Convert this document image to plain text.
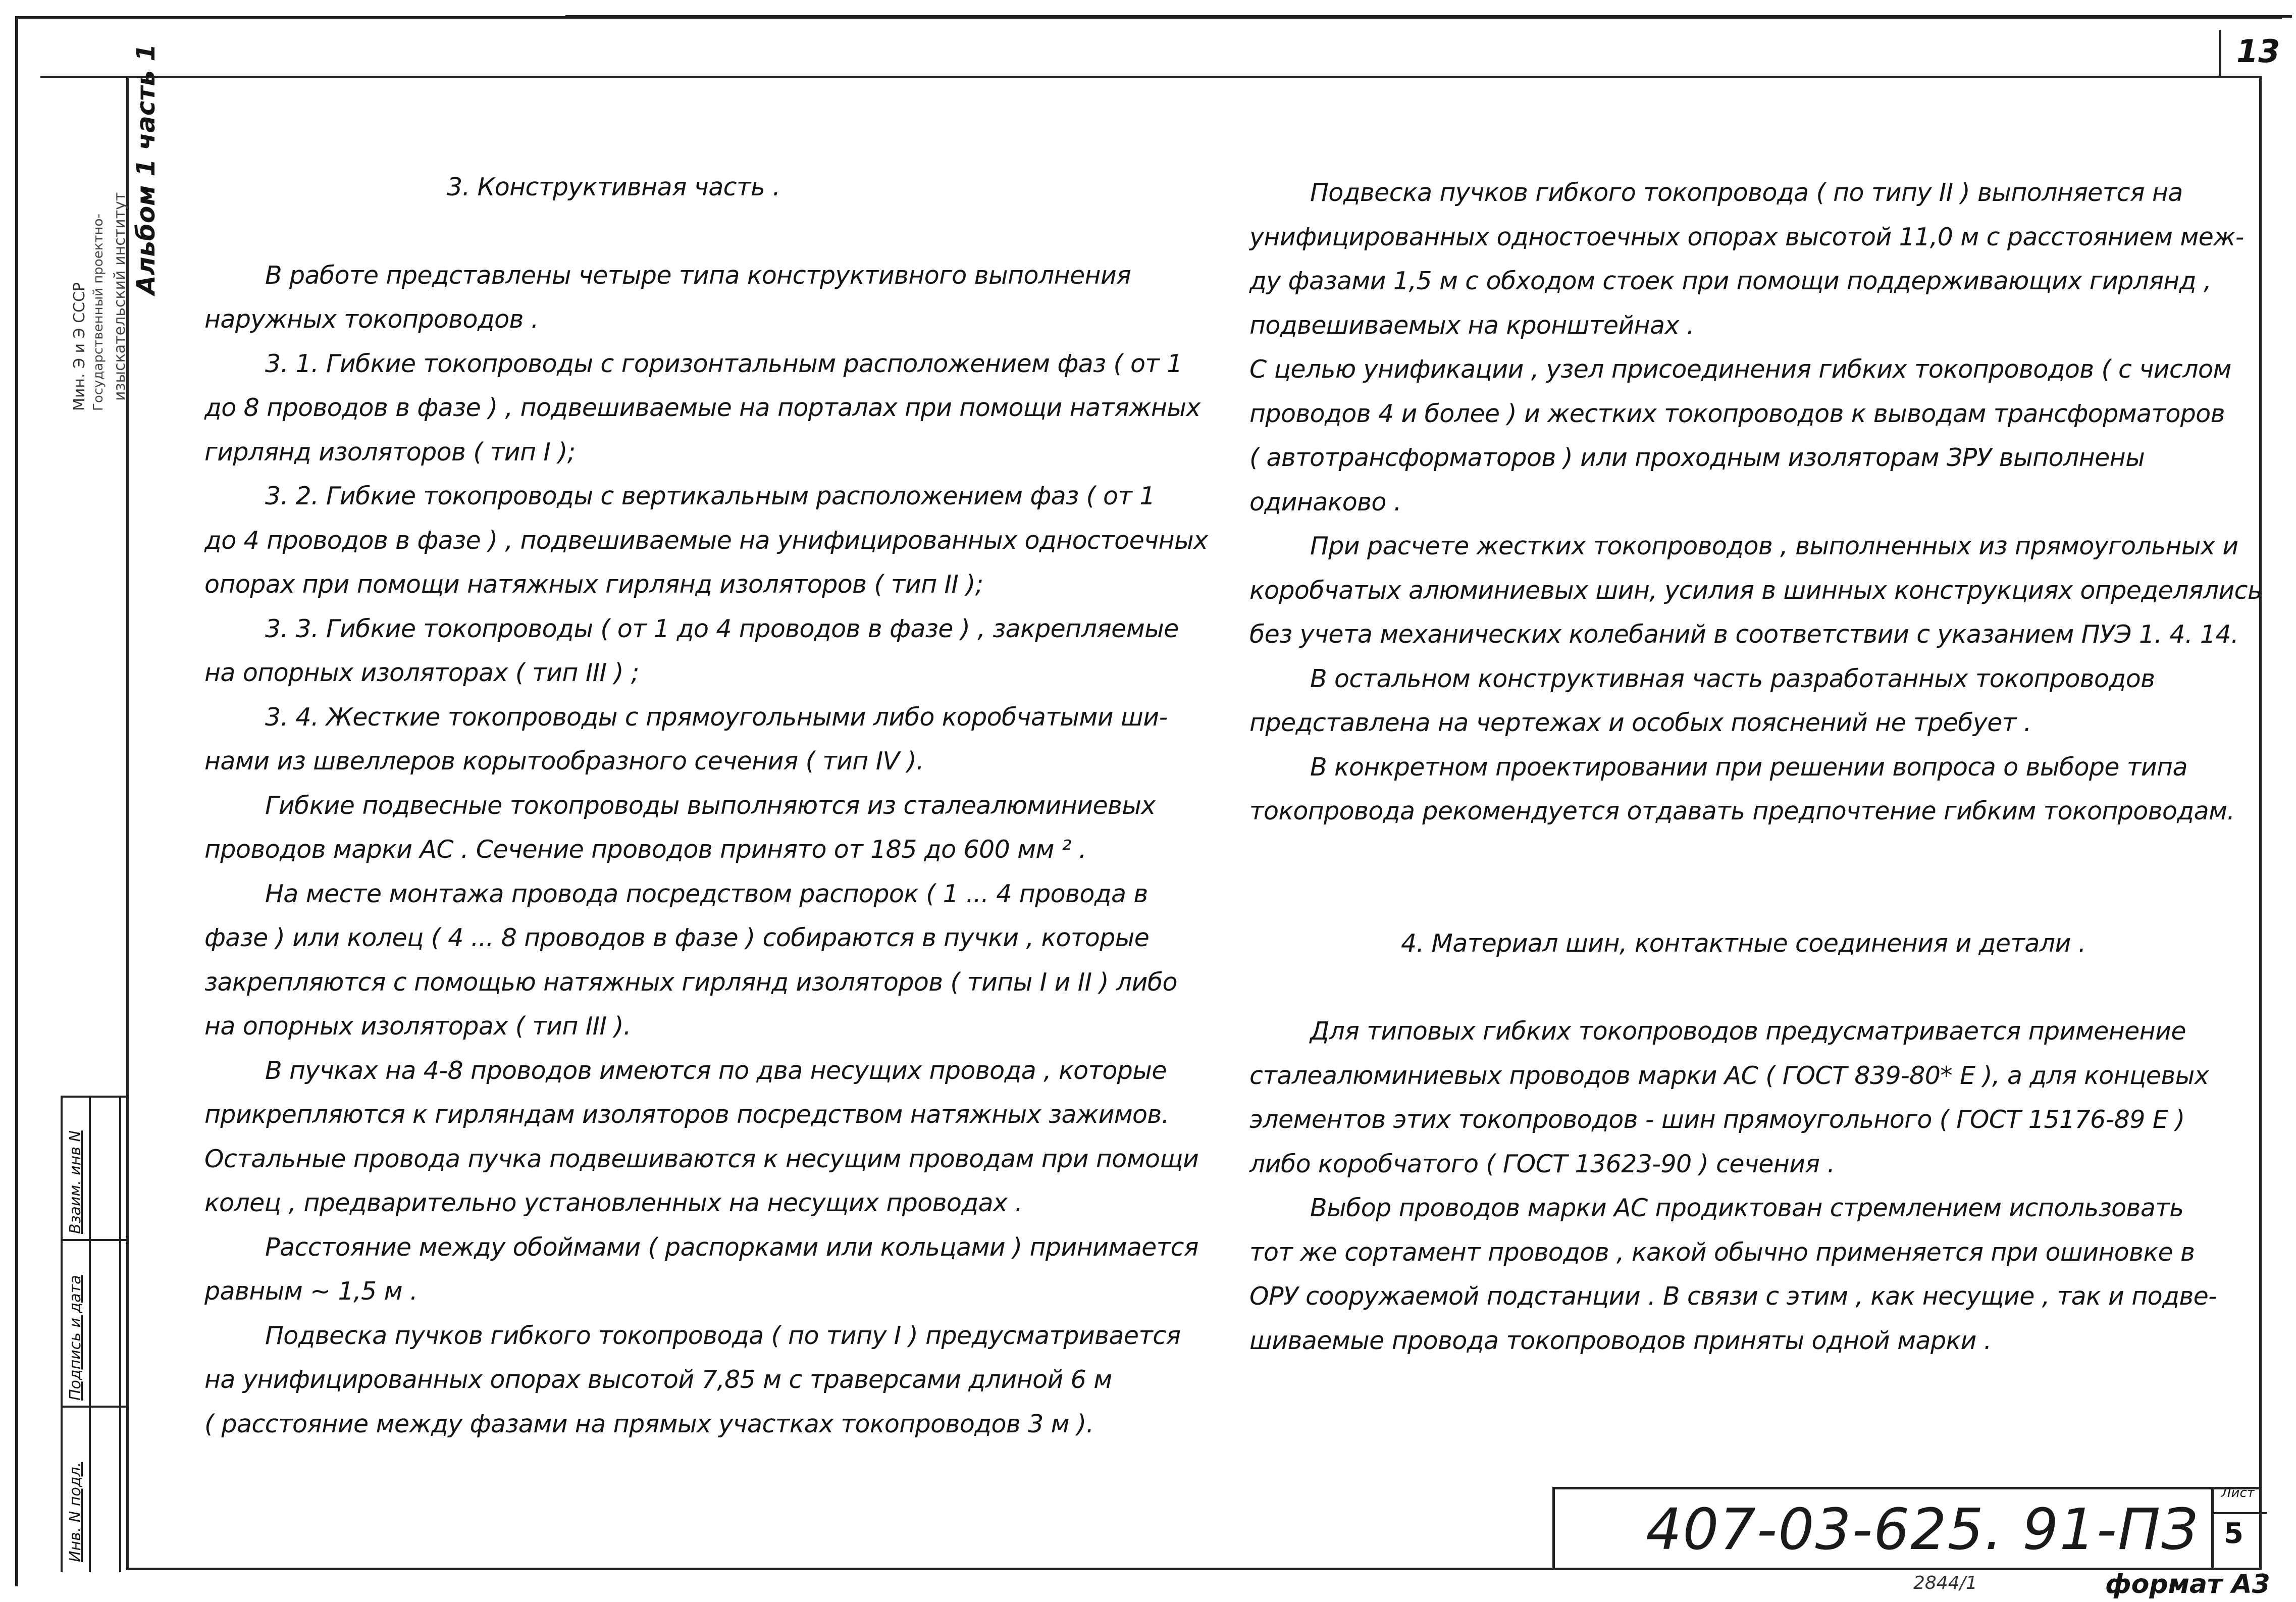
13
Мин. Э и Э СССР Государственный проектно- изыскательский институт
Альбом 1 часть 1
Взаим. инв N
Подпись и дата
Инв. N подл.

3. Конструктивная часть .

В работе представлены четыре типа конструктивного выполнения

наружных токопроводов .

3. 1. Гибкие токопроводы с горизонтальным расположением фаз ( от 1

до 8 проводов в фазе ) , подвешиваемые на порталах при помощи натяжных

гирлянд изоляторов ( тип I );

3. 2. Гибкие токопроводы с вертикальным расположением фаз ( от 1

до 4 проводов в фазе ) , подвешиваемые на унифицированных одностоечных

опорах при помощи натяжных гирлянд изоляторов ( тип II );

3. 3. Гибкие токопроводы ( от 1 до 4 проводов в фазе ) , закрепляемые

на опорных изоляторах ( тип III ) ;

3. 4. Жесткие токопроводы с прямоугольными либо коробчатыми ши-

нами из швеллеров корытообразного сечения ( тип IV ).

Гибкие подвесные токопроводы выполняются из сталеалюминиевых

проводов марки АС . Сечение проводов принято от 185 до 600 мм ² .

На месте монтажа провода посредством распорок ( 1 ... 4 провода в

фазе ) или колец ( 4 ... 8 проводов в фазе ) собираются в пучки , которые

закрепляются с помощью натяжных гирлянд изоляторов ( типы I и II ) либо

на опорных изоляторах ( тип III ).

В пучках на 4-8 проводов имеются по два несущих провода , которые

прикрепляются к гирляндам изоляторов посредством натяжных зажимов.

Остальные провода пучка подвешиваются к несущим проводам при помощи

колец , предварительно установленных на несущих проводах .

Расстояние между обоймами ( распорками или кольцами ) принимается

равным ~ 1,5 м .

Подвеска пучков гибкого токопровода ( по типу I ) предусматривается

на унифицированных опорах высотой 7,85 м с траверсами длиной 6 м

( расстояние между фазами на прямых участках токопроводов 3 м ).

Подвеска пучков гибкого токопровода ( по типу II ) выполняется на

унифицированных одностоечных опорах высотой 11,0 м с расстоянием меж-

ду фазами 1,5 м с обходом стоек при помощи поддерживающих гирлянд ,

подвешиваемых на кронштейнах .

С целью унификации , узел присоединения гибких токопроводов ( с числом

проводов 4 и более ) и жестких токопроводов к выводам трансформаторов

( автотрансформаторов ) или проходным изоляторам ЗРУ выполнены

одинаково .

При расчете жестких токопроводов , выполненных из прямоугольных и

коробчатых алюминиевых шин, усилия в шинных конструкциях определялись

без учета механических колебаний в соответствии с указанием ПУЭ 1. 4. 14.

В остальном конструктивная часть разработанных токопроводов

представлена на чертежах и особых пояснений не требует .

В конкретном проектировании при решении вопроса о выборе типа

токопровода рекомендуется отдавать предпочтение гибким токопроводам.

4. Материал шин, контактные соединения и детали .

Для типовых гибких токопроводов предусматривается применение

сталеалюминиевых проводов марки АС ( ГОСТ 839-80* Е ), а для концевых

элементов этих токопроводов - шин прямоугольного ( ГОСТ 15176-89 Е )

либо коробчатого ( ГОСТ 13623-90 ) сечения .

Выбор проводов марки АС продиктован стремлением использовать

тот же сортамент проводов , какой обычно применяется при ошиновке в

ОРУ сооружаемой подстанции . В связи с этим , как несущие , так и подве-

шиваемые провода токопроводов приняты одной марки .

407-03-625. 91-ПЗ
Лист
5
2844/1	формат А3
